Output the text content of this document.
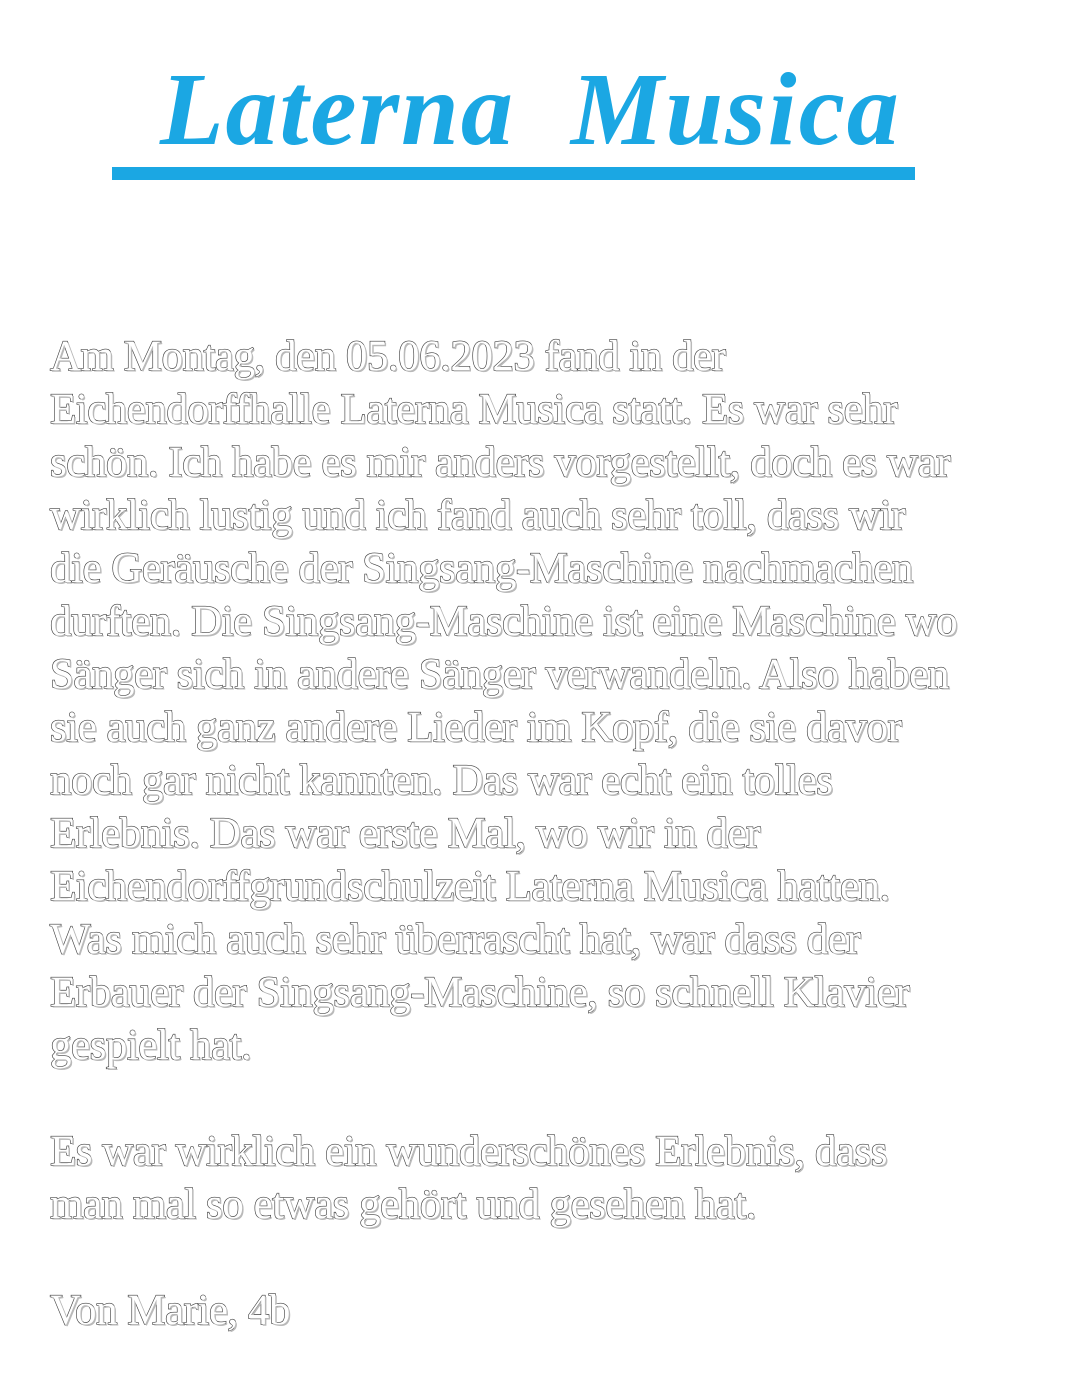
Laterna  Musica
Am Montag, den 05.06.2023 fand in der
Eichendorffhalle Laterna Musica statt. Es war sehr
schön. Ich habe es mir anders vorgestellt, doch es war
wirklich lustig und ich fand auch sehr toll, dass wir
die Geräusche der Singsang-Maschine nachmachen
durften. Die Singsang-Maschine ist eine Maschine wo
Sänger sich in andere Sänger verwandeln. Also haben
sie auch ganz andere Lieder im Kopf, die sie davor
noch gar nicht kannten. Das war echt ein tolles
Erlebnis. Das war erste Mal, wo wir in der
Eichendorffgrundschulzeit Laterna Musica hatten.
Was mich auch sehr überrascht hat, war dass der
Erbauer der Singsang-Maschine, so schnell Klavier
gespielt hat.
Es war wirklich ein wunderschönes Erlebnis, dass
man mal so etwas gehört und gesehen hat.
Von Marie, 4b
